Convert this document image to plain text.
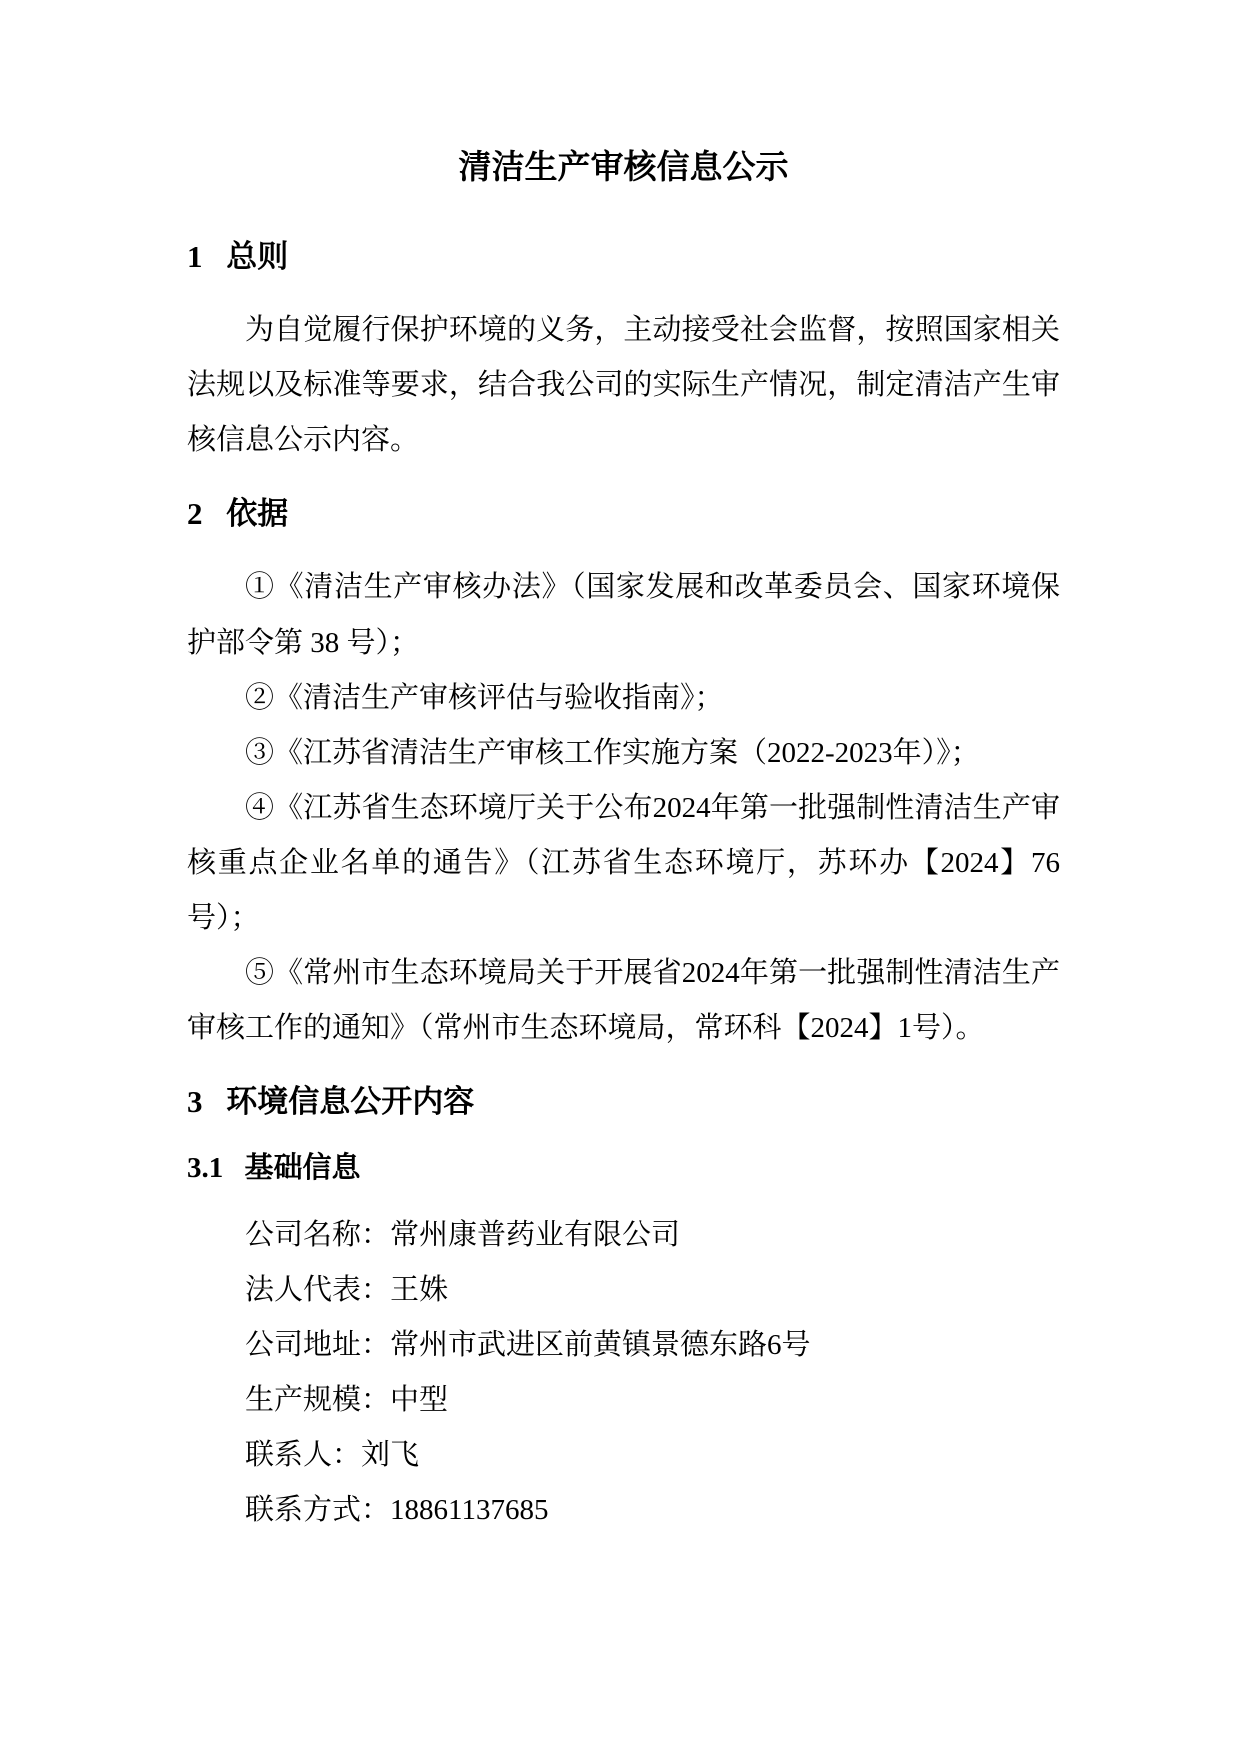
清洁生产审核信息公示
1 总则

为自觉履行保护环境的义务，主动接受社会监督，按照国家相关法规以及标准等要求，结合我公司的实际生产情况，制定清洁产生审核信息公示内容。

2 依据

①《清洁生产审核办法》（国家发展和改革委员会、国家环境保护部令第 38 号）；

②《清洁生产审核评估与验收指南》；

③《江苏省清洁生产审核工作实施方案（2022-2023年）》；

④《江苏省生态环境厅关于公布2024年第一批强制性清洁生产审核重点企业名单的通告》（江苏省生态环境厅，苏环办【2024】76 号）；

⑤《常州市生态环境局关于开展省2024年第一批强制性清洁生产审核工作的通知》（常州市生态环境局，常环科【2024】1号）。

3 环境信息公开内容
3.1 基础信息

公司名称：常州康普药业有限公司

法人代表：王姝

公司地址：常州市武进区前黄镇景德东路6号

生产规模：中型

联系人：刘飞

联系方式：18861137685
